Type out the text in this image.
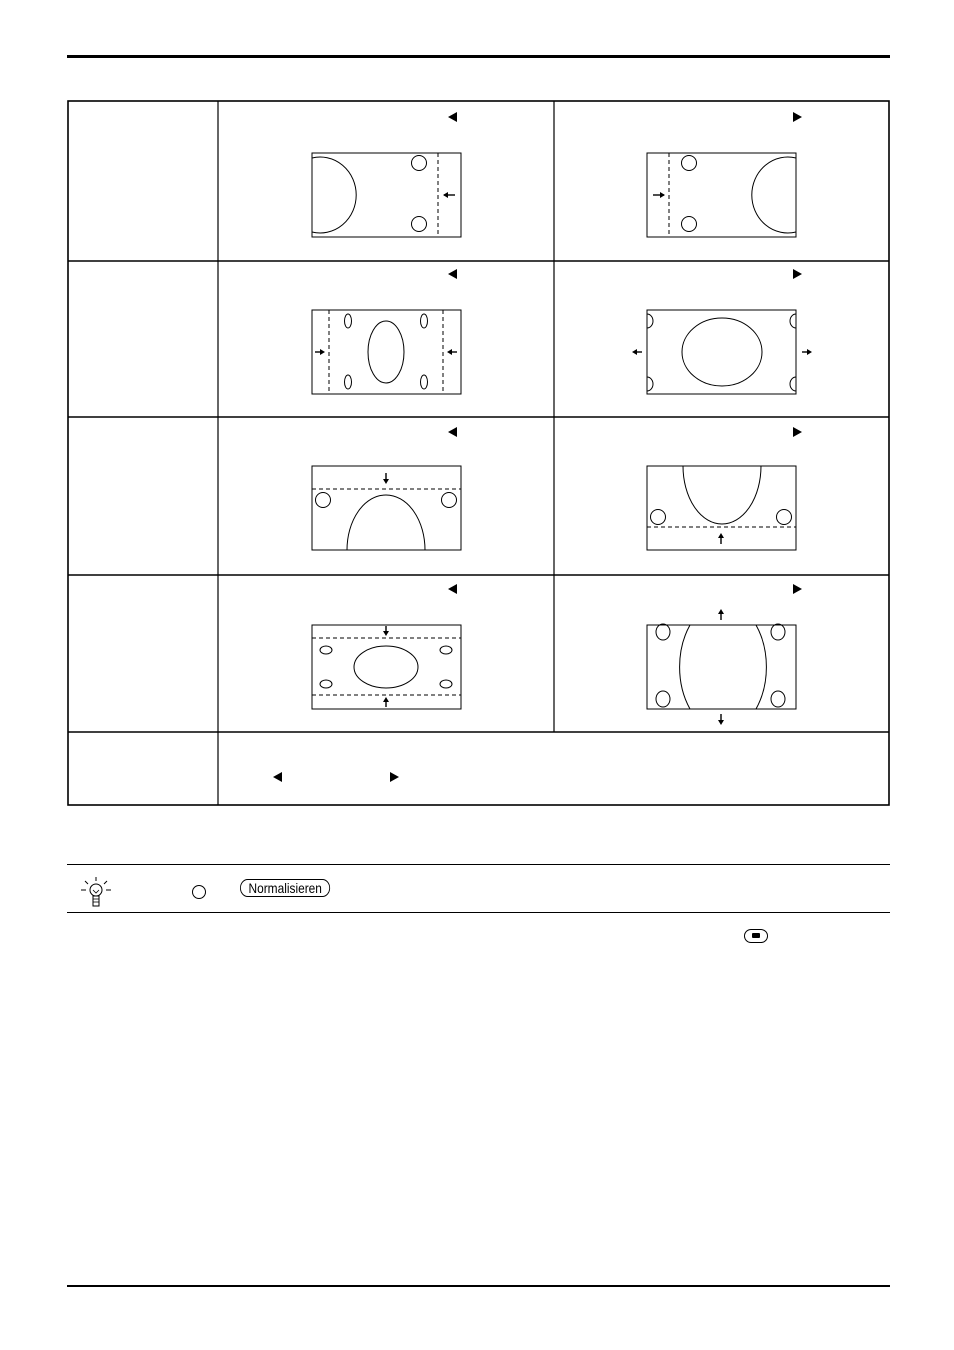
Normalisieren
